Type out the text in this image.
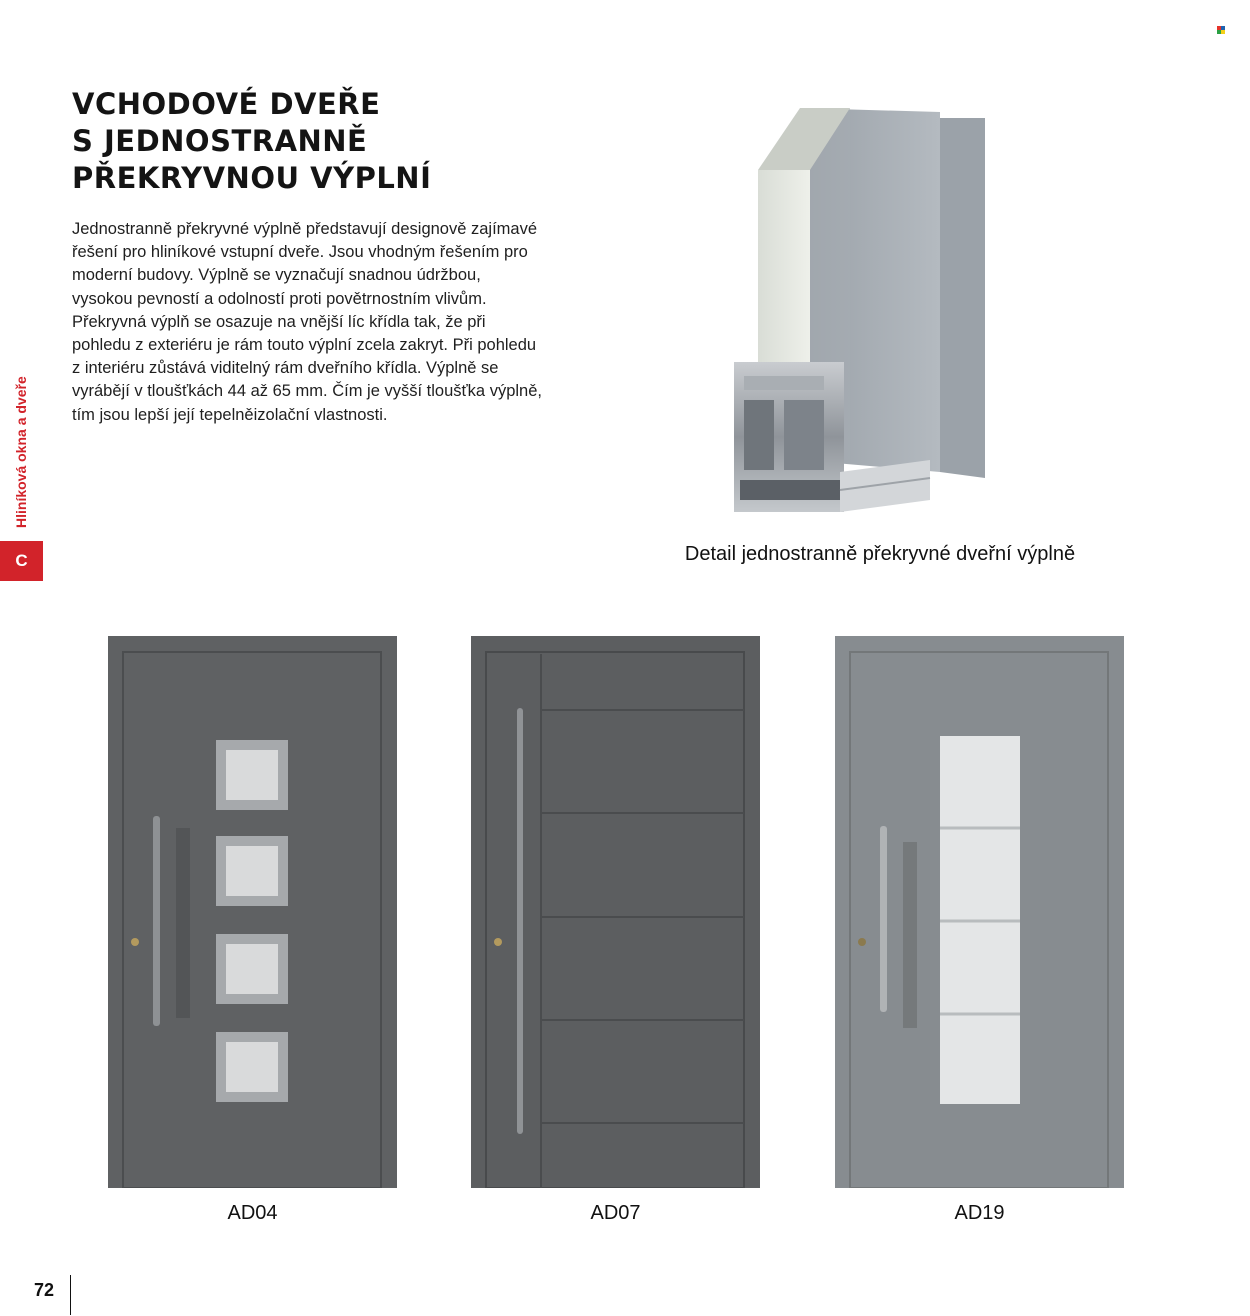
VCHODOVÉ DVEŘE
S JEDNOSTRANNĚ
PŘEKRYVNOU VÝPLNÍ

Jednostranně překryvné výplně představují designově zajímavé řešení pro hliníkové vstupní dveře. Jsou vhodným řešením pro moderní budovy. Výplně se vyznačují snadnou údržbou, vysokou pevností a odolností proti povětrnostním vlivům.

Překryvná výplň se osazuje na vnější líc křídla tak, že při pohledu z exteriéru je rám touto výplní zcela zakryt. Při pohledu z interiéru zůstává viditelný rám dveřního křídla. Výplně se vyrábějí v tloušťkách 44 až 65 mm. Čím je vyšší tloušťka výplně, tím jsou lepší její tepelněizolační vlastnosti.

Hliníková okna a dveře
C	Detail jednostranně překryvné dveřní výplně
AD04	AD07	AD19
72
